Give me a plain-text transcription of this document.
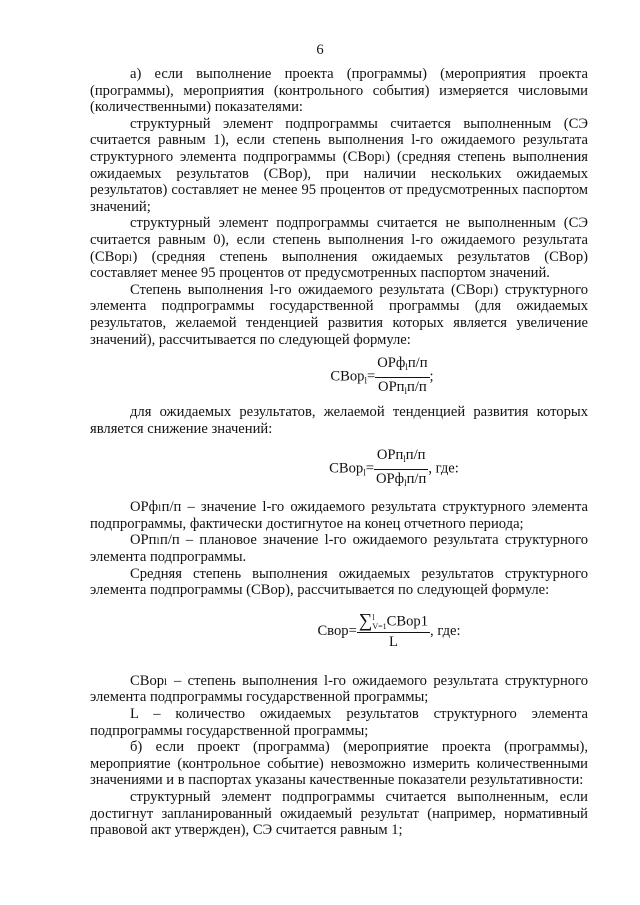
6

а) если выполнение проекта (программы) (мероприятия проекта (программы), мероприятия (контрольного события) измеряется числовыми (количественными) показателями:

структурный элемент подпрограммы считается выполненным (СЭ считается равным 1), если степень выполнения l-го ожидаемого результата структурного элемента подпрограммы (СВорₗ) (средняя степень выполнения ожидаемых результатов (СВор), при наличии нескольких ожидаемых результатов) составляет не менее 95 процентов от предусмотренных паспортом значений;

структурный элемент подпрограммы считается не выполненным (СЭ считается равным 0), если степень выполнения l-го ожидаемого результата (СВорₗ) (средняя степень выполнения ожидаемых результатов (СВор) составляет менее 95 процентов от предусмотренных паспортом значений.

Степень выполнения l-го ожидаемого результата (СВорₗ) структурного элемента подпрограммы государственной программы (для ожидаемых результатов, желаемой тенденцией развития которых является увеличение значений), рассчитывается по следующей формуле:

СВор$_l$= $\frac{ОРф_lп/п}{ОРп_lп/п}$ ;

для ожидаемых результатов, желаемой тенденцией развития которых является снижение значений:

СВор$_l$= $\frac{ОРп_lп/п}{ОРф_lп/п}$ , где:

ОРфₗп/п – значение l-го ожидаемого результата структурного элемента подпрограммы, фактически достигнутое на конец отчетного периода;

ОРпₗп/п – плановое значение l-го ожидаемого результата структурного элемента подпрограммы.

Средняя степень выполнения ожидаемых результатов структурного элемента подпрограммы (СВор), рассчитывается по следующей формуле:

Свор= ∑ l
V=1 СВор1
L , где:

СВорₗ – степень выполнения l-го ожидаемого результата структурного элемента подпрограммы государственной программы;

L – количество ожидаемых результатов структурного элемента подпрограммы государственной программы;

б) если проект (программа) (мероприятие проекта (программы), мероприятие (контрольное событие) невозможно измерить количественными значениями и в паспортах указаны качественные показатели результативности:

структурный элемент подпрограммы считается выполненным, если достигнут запланированный ожидаемый результат (например, нормативный правовой акт утвержден), СЭ считается равным 1;
